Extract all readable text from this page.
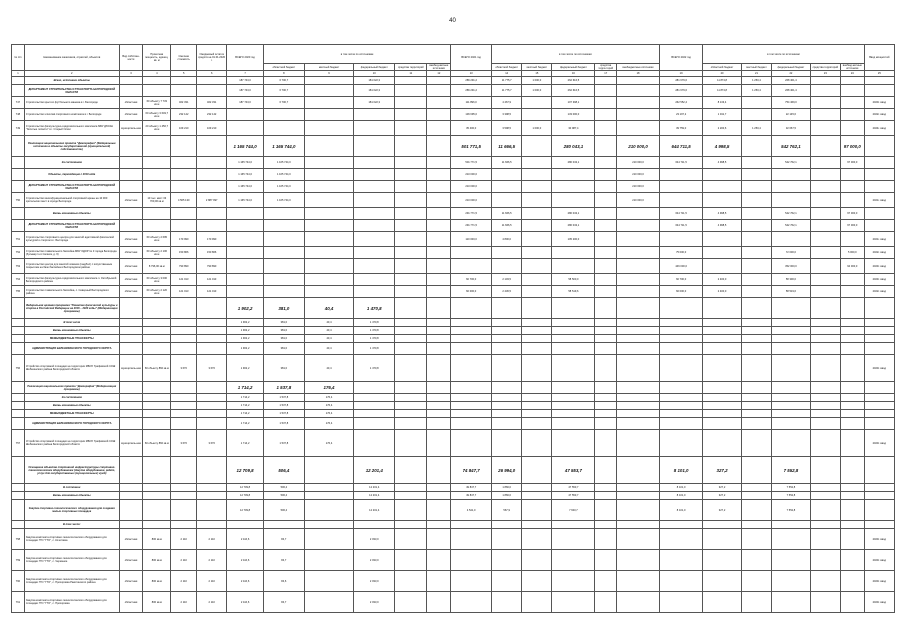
40
№ п/п	Наименование заказчиков, отраслей, объектов	Вид собствен-ности	Проектная мощность, единиц, кв. м	Сметная стоимость	Ожидаемый остаток средств на 01.01.2020 г.	ВСЕГО 2020 год	в том числе по источникам					ВСЕГО 2021 год	в том числе по источникам:					ВСЕГО 2022 год	в том числе по источникам					Ввод мощностей
							областной бюджет	местный бюджет	федеральный бюджет	средства территорий	внебюд-жетные источники		областной бюджет	местный бюджет	федеральный бюджет	средства терри-торий	внебюджетные источники		областной бюджет	местный бюджет	федеральный бюджет	средства территорий	внебюд-жетные источники	
1	2	3	4	5	6	7	8	9	10	11	12	13	14	15	16	17	18	19	20	21	22	23	24	25
	Всего, источники объекты					187 743,0	6 700,7		181 022,3			286 291,2	11 775,7	1 000,0	262 616,5			281 679,6	11 874,8	1 250,4	268 401,4			
	ДЕПАРТАМЕНТ СТРОИТЕЛЬСТВА И ТРАНСПОРТА БЕЛГОРОДСКОЙ ОБЛАСТИ					187 743,0	6 700,7		181 022,3			286 291,2	11 775,7	1 000,0	262 616,5			281 679,6	11 874,8	1 250,4	268 401,4			
747	Строительство крытого футбольного манежа в г. Белгороде	областная	60 объекту 7 733 кв.м	462 331	462 331	187 743,0	6 700,7		181 022,3			111 896,0	4 467,9		107 398,1			262 552,4	8 133,4		754 469,0			2020г. ввод
748	Строительство universal спортивного комплекса в г. Белгороде	областная	60 объекту 3 649,7 кв.м	232 142	232 142							136 695,0	3 398,5		133 000,0			23 197,2	1 041,7		22 145,6			2022г. ввод
749	Строительство физкультурно-оздоровительного комплекса МБУ ДЮСШ "Золотые лопасти" в г. Старый Оскол	муниципаль-ная	20 объекту 1 456,7 кв.м	109 210	109 210							35 400,0	3 598,5	1 000,0	30 987,4			39 759,0	2 200,6	1 250,4	32 667,5			2024г. ввод
	Реализация национального проекта "Демография" (Федеральные источники в объекты государственной (муниципальной) собственности)					1 165 744,0	1 165 744,0					501 771,5	11 666,5		280 043,1		210 000,0	644 711,5	4 998,5		542 762,1		97 000,0	
	За состоянием					1 165 744,0	1 165 744,0					501 771,5	11 666,5		280 043,1		210 000,0	644 711,5	4 998,5		542 762,1		97 000,0	
	Объекты, переходящие с 2019 года					1 165 744,0	1 165 744,0					210 000,0					210 000,0							
	ДЕПАРТАМЕНТ СТРОИТЕЛЬСТВА И ТРАНСПОРТА БЕЛГОРОДСКОЙ ОБЛАСТИ					1 165 744,0	1 165 744,0					210 000,0					210 000,0							
750	Строительство многофункциональной спортивной арены на 10 000 зрительских мест в городе Белгороде	областная	10 тыс. мест 33 700,00 кв.м	4 565 130	2 887 997	1 165 744,0	1 165 744,0					210 000,0					210 000,0							2021г. ввод
	Вновь начинаемые объекты											291 771,5	11 666,5		280 043,1			644 711,5	4 998,5		542 762,1		97 000,0	
	ДЕПАРТАМЕНТ СТРОИТЕЛЬСТВА И ТРАНСПОРТА БЕЛГОРОДСКОЙ ОБЛАСТИ											291 771,5	11 666,5		280 043,1			644 711,5	4 998,5		542 762,1		97 000,0	
751	Строительство спортивного центра для занятий адаптивной физической культурой и спортом в г. Белгороде	областная	60 объекту 2 695 кв.м	170 990	170 990							110 000,0	4 800,0		105 200,0									2021г. ввод
752	Строительство плавательного бассейна МБУ ОДОР № 3 города Белгорода (бульвар 1-го Салюта, д. 6)	областная	60 объекту 2 106 кв.м	150 866	150 866													75 000,0			72 000,0		5 000,0	2022г. ввод
753	Строительство центра для занятий хоккеем (гандбол) с искусственным покрытием на базе бассейна в Белгородском районе	областная	8 796,00 кв.м	790 890	790 890													446 000,0			352 000,0		94 000,0	2023г. ввод
754	Строительство физкультурно-оздоровительного комплекса п. Октябрьский Белгородского района	областная	60 объекту 3 000 кв.м	121 013	121 013							60 700,0	2 103,5		58 500,0			60 700,0	2 400,0		58 300,0			2023г. ввод
755	Строительство плавательного бассейна, с. Северный Белгородского района	областная	60 объекту 2 120 кв.м	121 013	121 013							60 000,0	2 436,5		58 519,6			60 000,0	2 400,0		58 519,6			2022г. ввод
	Федеральная целевая программа "Развитие физической культуры и спорта в Российской Федерации на 2016 – 2020 годы" (Модернизация программы)					1 902,2	381,0	40,4	1 470,8															
	В том числе					1 902,2	381,0	40,4	1 470,8															
	Вновь начинаемые объекты					1 902,2	381,0	40,4	1 470,8															
	МЕЖБЮДЖЕТНЫЕ ТРАНСФЕРТЫ					1 902,2	381,0	40,4	1 470,8															
	АДМИНИСТРАЦИЯ БЕЛЕНИХИНСКОГО ГОРОДСКОГО ОКРУГА					1 902,2	381,0	40,4	1 470,8															
756	Устройство спортивной площадки на территории МБОУ Графовской СОШ Шебекинского района Белгородской области	муниципаль-ная	60 объекту 860 кв.м	3 670	3 670	1 902,2	381,0	40,4	1 470,8															2020г. ввод
	Реализация национального проекта "Демография" (Модернизация программы)					1 714,2	1 537,8	176,4																
	За состоянием					1 714,2	1 537,8	176,4																
	Вновь начинаемые объекты					1 714,2	1 537,8	176,4																
	МЕЖБЮДЖЕТНЫЕ ТРАНСФЕРТЫ					1 714,2	1 537,8	176,4																
	АДМИНИСТРАЦИЯ БЕЛЕНИХИНСКОГО ГОРОДСКОГО ОКРУГА					1 714,2	1 537,8	176,4																
757	Устройство спортивной площадки на территории МБОУ Графовской СОШ Шебекинского района Белгородской области	муниципаль-ная	60 объекту 860 кв.м	3 670	3 670	1 714,2	1 537,8	176,4																2020г. ввод
	Оснащение объектов спортивной инфраструктуры спортивно-технологическим оборудованием (Закупка оборудования, работ, услуг для государственных (муниципальных) нужд)					12 709,8	506,4		12 201,4			74 847,7	26 994,0		47 553,7			8 101,0	327,2		7 552,8			
	В состоянии					12 709,8	506,4		12 201,4			49 847,7	1 866,0		47 553,7			8 101,0	327,2		7 552,8			
	Вновь начинаемые объекты					12 709,8	506,4		12 201,4			49 847,7	1 866,0		47 553,7			8 101,0	327,2		7 552,8			
	Закупка спортивно-технологического оборудования для создания малых спортивных площадок					12 709,8	506,4		12 201,4			4 541,0	567,9		7 603,7			8 101,0	327,2		7 552,8			
	В том числе:																							
758	Закупка комплекта спортивно-технологического оборудования для площадки ГТО "ГТО", с. Кочетовка	областная	800 кв.м	2 110	2 110	2 116,6	84,7		2 033,0															2020г. ввод
759	Закупка комплекта спортивно-технологического оборудования для площадки ГТО "ГТО", с. Черемное	областная	800 кв.м	2 110	2 110	2 116,6	84,7		2 033,0															2020г. ввод
760	Закупка комплекта спортивно-технологического оборудования для площадки ГТО "ГТО", с. Прохоровка Ракитянского района	областная	800 кв.м	2 110	2 110	2 116,6	84,6		2 033,0															2020г. ввод
761	Закупка комплекта спортивно-технологического оборудования для площадки ГТО "ГТО", с. Прохоровка	областная	800 кв.м	2 110	2 110	2 116,6	84,7		2 033,0															2020г. ввод
